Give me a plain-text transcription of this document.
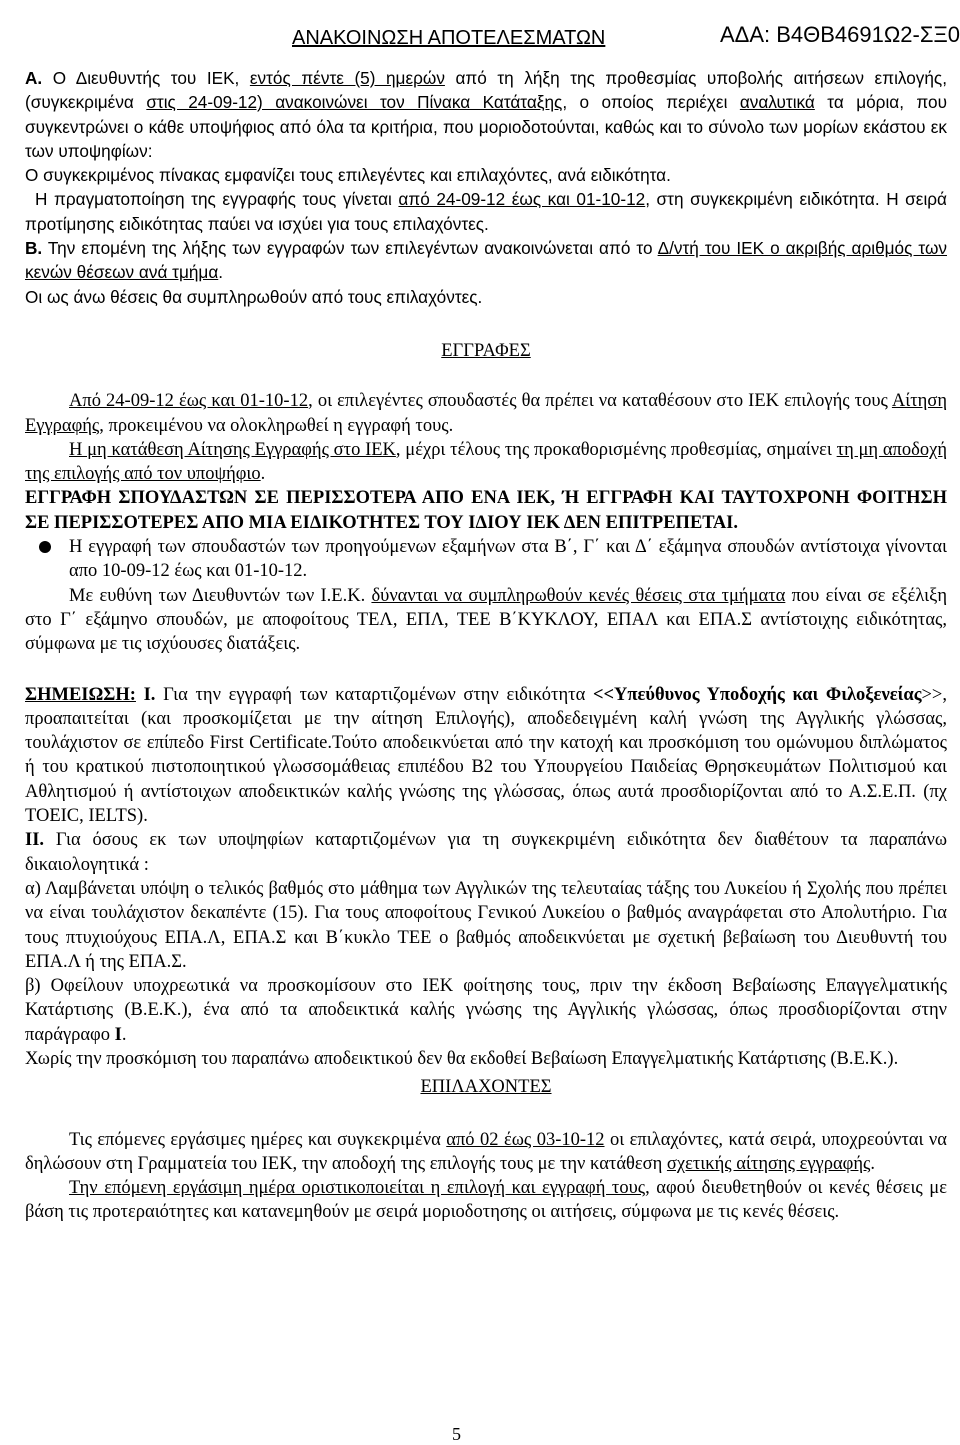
ΑΝΑΚΟΙΝΩΣΗ ΑΠΟΤΕΛΕΣΜΑΤΩΝ	ΑΔΑ: Β4ΘΒ4691Ω2-ΣΞ0

Α. Ο Διευθυντής του ΙΕΚ, εντός πέντε (5) ημερών από τη λήξη της προθεσμίας υποβολής αιτήσεων επιλογής, (συγκεκριμένα στις 24-09-12) ανακοινώνει τον Πίνακα Κατάταξης, ο οποίος περιέχει αναλυτικά τα μόρια, που συγκεντρώνει ο κάθε υποψήφιος από όλα τα κριτήρια, που μοριοδοτούνται, καθώς και το σύνολο των μορίων εκάστου εκ των υποψηφίων:

Ο συγκεκριμένος πίνακας εμφανίζει τους επιλεγέντες και επιλαχόντες, ανά ειδικότητα.

Η πραγματοποίηση της εγγραφής τους γίνεται από 24-09-12 έως και 01-10-12, στη συγκεκριμένη ειδικότητα. Η σειρά προτίμησης ειδικότητας παύει να ισχύει για τους επιλαχόντες.

Β. Την επομένη της λήξης των εγγραφών των επιλεγέντων ανακοινώνεται από το Δ/ντή του ΙΕΚ ο ακριβής αριθμός των κενών θέσεων ανά τμήμα.

Οι ως άνω θέσεις θα συμπληρωθούν από τους επιλαχόντες.

ΕΓΓΡΑΦΕΣ

Από 24-09-12 έως και 01-10-12, οι επιλεγέντες σπουδαστές θα πρέπει να καταθέσουν στο ΙΕΚ επιλογής τους Αίτηση Εγγραφής, προκειμένου να ολοκληρωθεί η εγγραφή τους.

Η μη κατάθεση Αίτησης Εγγραφής στο ΙΕΚ, μέχρι τέλους της προκαθορισμένης προθεσμίας, σημαίνει τη μη αποδοχή της επιλογής από τον υποψήφιο.

ΕΓΓΡΑΦΗ ΣΠΟΥΔΑΣΤΩΝ ΣΕ ΠΕΡΙΣΣΟΤΕΡΑ ΑΠΟ ΕΝΑ ΙΕΚ, Ή ΕΓΓΡΑΦΗ ΚΑΙ ΤΑΥΤΟΧΡΟΝΗ ΦΟΙΤΗΣΗ ΣΕ ΠΕΡΙΣΣΟΤΕΡΕΣ ΑΠΟ ΜΙΑ ΕΙΔΙΚΟΤΗΤΕΣ ΤΟΥ ΙΔΙΟΥ ΙΕΚ ΔΕΝ ΕΠΙΤΡΕΠΕΤΑΙ.

Η εγγραφή των σπουδαστών των προηγούμενων εξαμήνων στα Β΄, Γ΄ και Δ΄ εξάμηνα σπουδών αντίστοιχα γίνονται απο 10-09-12 έως και 01-10-12.

Με ευθύνη των Διευθυντών των Ι.Ε.Κ. δύνανται να συμπληρωθούν κενές θέσεις στα τμήματα που είναι σε εξέλιξη στο Γ΄ εξάμηνο σπουδών, με αποφοίτους ΤΕΛ, ΕΠΛ, ΤΕΕ Β΄ΚΥΚΛΟΥ, ΕΠΑΛ και ΕΠΑ.Σ αντίστοιχης ειδικότητας, σύμφωνα με τις ισχύουσες διατάξεις.

ΣΗΜΕΙΩΣΗ: Ι. Για την εγγραφή των καταρτιζομένων στην ειδικότητα <<Υπεύθυνος Υποδοχής και Φιλοξενείας>>, προαπαιτείται (και προσκομίζεται με την αίτηση Επιλογής), αποδεδειγμένη καλή γνώση της Αγγλικής γλώσσας, τουλάχιστον σε επίπεδο First Certificate.Τούτο αποδεικνύεται από την κατοχή και προσκόμιση του ομώνυμου διπλώματος ή του κρατικού πιστοποιητικού γλωσσομάθειας επιπέδου Β2 του Υπουργείου Παιδείας Θρησκευμάτων Πολιτισμού και Αθλητισμού ή αντίστοιχων αποδεικτικών καλής γνώσης της γλώσσας, όπως αυτά προσδιορίζονται από το Α.Σ.Ε.Π. (πχ TOEIC, IELTS).

ΙΙ. Για όσους εκ των υποψηφίων καταρτιζομένων για τη συγκεκριμένη ειδικότητα δεν διαθέτουν τα παραπάνω δικαιολογητικά :

α) Λαμβάνεται υπόψη ο τελικός βαθμός στο μάθημα των Αγγλικών της τελευταίας τάξης του Λυκείου ή Σχολής που πρέπει να είναι τουλάχιστον δεκαπέντε (15). Για τους αποφοίτους Γενικού Λυκείου ο βαθμός αναγράφεται στο Απολυτήριο. Για τους πτυχιούχους ΕΠΑ.Λ, ΕΠΑ.Σ και Β΄κυκλο ΤΕΕ ο βαθμός αποδεικνύεται με σχετική βεβαίωση του Διευθυντή του ΕΠΑ.Λ ή της ΕΠΑ.Σ.

β) Οφείλουν υποχρεωτικά να προσκομίσουν στο ΙΕΚ φοίτησης τους, πριν την έκδοση Βεβαίωσης Επαγγελματικής Κατάρτισης (Β.Ε.Κ.), ένα από τα αποδεικτικά καλής γνώσης της Αγγλικής γλώσσας, όπως προσδιορίζονται στην παράγραφο Ι.

Χωρίς την προσκόμιση του παραπάνω αποδεικτικού δεν θα εκδοθεί Βεβαίωση Επαγγελματικής Κατάρτισης (Β.Ε.Κ.).

ΕΠΙΛΑΧΟΝΤΕΣ

Τις επόμενες εργάσιμες ημέρες και συγκεκριμένα από 02 έως 03-10-12 οι επιλαχόντες, κατά σειρά, υποχρεούνται να δηλώσουν στη Γραμματεία του ΙΕΚ, την αποδοχή της επιλογής τους με την κατάθεση σχετικής αίτησης εγγραφής.

Την επόμενη εργάσιμη ημέρα οριστικοποιείται η επιλογή και εγγραφή τους, αφού διευθετηθούν οι κενές θέσεις με βάση τις προτεραιότητες και κατανεμηθούν με σειρά μοριοδοτησης οι αιτήσεις, σύμφωνα με τις κενές θέσεις.

5
